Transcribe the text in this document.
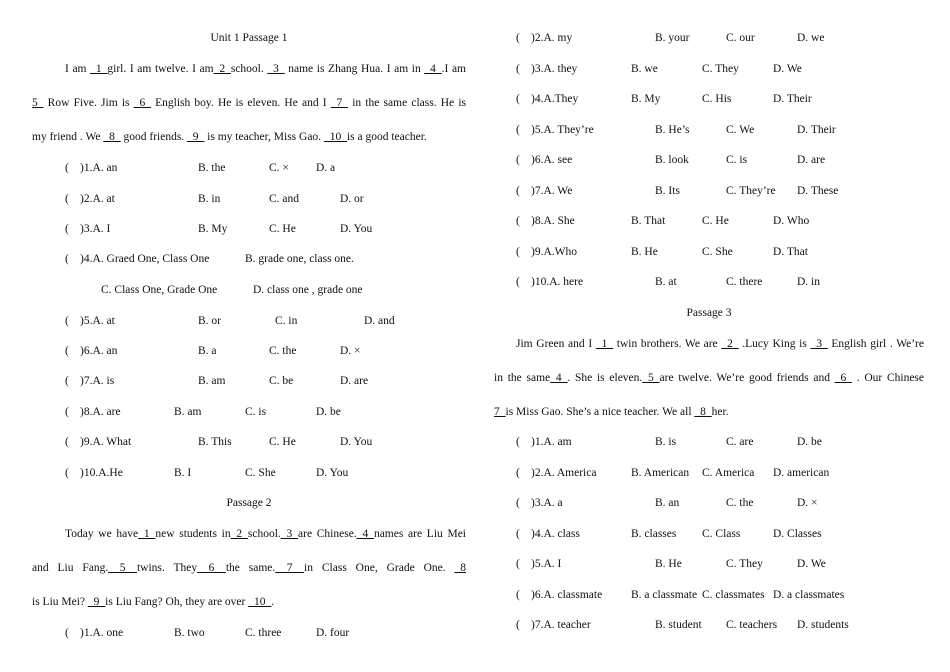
Unit 1 Passage 1
I am _1_girl. I am twelve. I am_2_school. _3_ name is Zhang Hua. I am in _4_.I am
5_ Row Five. Jim is _6_ English boy. He is eleven. He and I _7_ in the same class. He is
my friend . We _8_ good friends. _9_ is my teacher, Miss Gao. _10_is a good teacher.
( )1.A. an	B. the	C. × D. a
( )2.A. at	B. in	C. and	D. or
( )3.A. I	B. My	C. He	D. You
( )4.A. Graed One, Class One	B. grade one, class one.
C. Class One, Grade One	D. class one , grade one
( )5.A. at	B. or	C. in	D. and
( )6.A. an	B. a	C. the	D. ×
( )7.A. is	B. am	C. be	D. are
( )8.A. are	B. am	C. is	D. be
( )9.A. What	B. This	C. He	D. You
( )10.A.He	B. I	C. She	D. You
Passage 2
Today we have_1_new students in_2_school._3_are Chinese._4_names are Liu Mei
and Liu Fang.__5__twins. They__6__the same.__7__in Class One, Grade One. _8
is Liu Mei? _9_is Liu Fang? Oh, they are over _10_.
( )1.A. one	B. two	C. three	D. four
( )2.A. my	B. your	C. our	D. we
( )3.A. they	B. we	C. They	D. We
( )4.A.They	B. My	C. His	D. Their
( )5.A. They’re	B. He’s	C. We	D. Their
( )6.A. see	B. look	C. is	D. are
( )7.A. We	B. Its	C. They’re D. These
( )8.A. She	B. That	C. He	D. Who
( )9.A.Who	B. He	C. She	D. That
( )10.A. here	B. at	C. there	D. in
Passage 3
Jim Green and I _1_ twin brothers. We are _2_ .Lucy King is _3_ English girl . We’re
in the same_4_. She is eleven._5_are twelve. We’re good friends and _6_ . Our Chinese
7_is Miss Gao. She’s a nice teacher. We all _8_her.
( )1.A. am	B. is	C. are	D. be
( )2.A. America	B. American C. America D. american
( )3.A. a	B. an	C. the	D. ×
( )4.A. class	B. classes C. Class	D. Classes
( )5.A. I	B. He	C. They	D. We
( )6.A. classmate	B. a classmate C. classmates D. a classmates
( )7.A. teacher	B. student C. teachers D. students
